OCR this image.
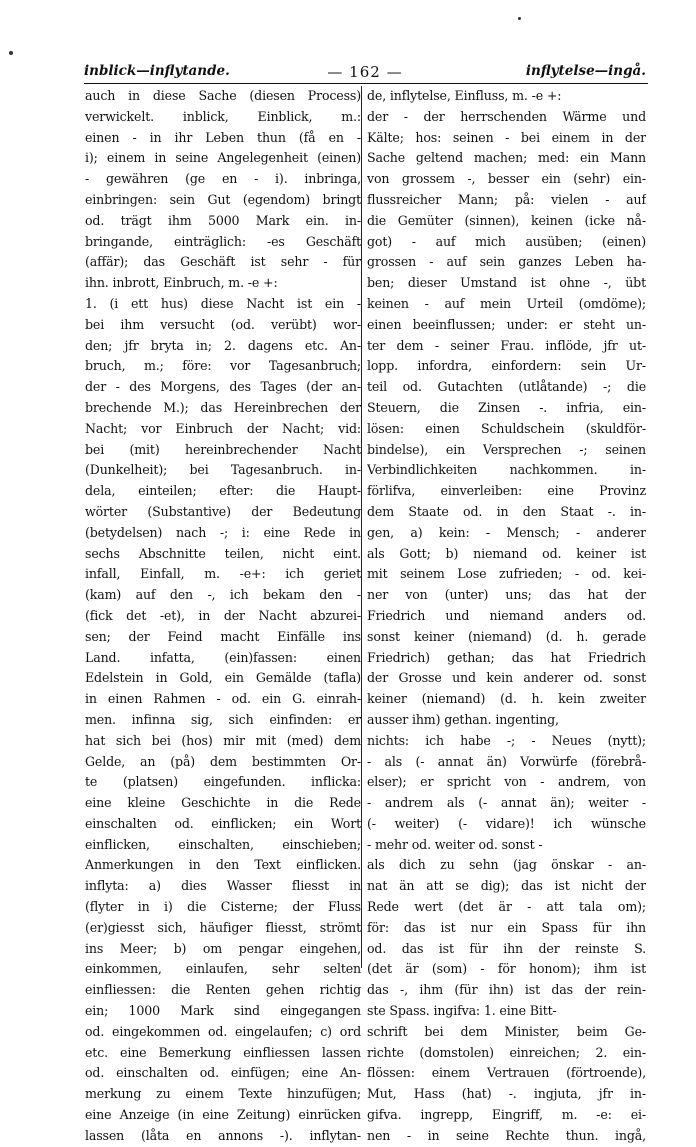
inblick—inflytande.	— 162 —	inflytelse—ingå.
auch in diese Sache (diesen Process)
verwickelt. inblick, Einblick, m.:
einen - in ihr Leben thun (få en -
i); einem in seine Angelegenheit (einen)
- gewähren (ge en - i). inbringa,
einbringen: sein Gut (egendom) bringt
od. trägt ihm 5000 Mark ein. in-
bringande, einträglich: -es Geschäft
(affär); das Geschäft ist sehr - für
ihn. inbrott, Einbruch, m. -e +:
1. (i ett hus) diese Nacht ist ein -
bei ihm versucht (od. verübt) wor-
den; jfr bryta in; 2. dagens etc. An-
bruch, m.; före: vor Tagesanbruch;
der - des Morgens, des Tages (der an-
brechende M.); das Hereinbrechen der
Nacht; vor Einbruch der Nacht; vid:
bei (mit) hereinbrechender Nacht
(Dunkelheit); bei Tagesanbruch. in-
dela, einteilen; efter: die Haupt-
wörter (Substantive) der Bedeutung
(betydelsen) nach -; i: eine Rede in
sechs Abschnitte teilen, nicht eint.
infall, Einfall, m. -e+: ich geriet
(kam) auf den -, ich bekam den -
(fick det -et), in der Nacht abzurei-
sen; der Feind macht Einfälle ins
Land. infatta, (ein)fassen: einen
Edelstein in Gold, ein Gemälde (tafla)
in einen Rahmen - od. ein G. einrah-
men. infinna sig, sich einfinden: er
hat sich bei (hos) mir mit (med) dem
Gelde, an (på) dem bestimmten Or-
te (platsen) eingefunden. inflicka:
eine kleine Geschichte in die Rede
einschalten od. einflicken; ein Wort
einflicken, einschalten, einschieben;
Anmerkungen in den Text einflicken.
inflyta: a) dies Wasser fliesst in
(flyter in i) die Cisterne; der Fluss
(er)giesst sich, häufiger fliesst, strömt
ins Meer; b) om pengar eingehen,
einkommen, einlaufen, sehr selten
einfliessen: die Renten gehen richtig
ein; 1000 Mark sind eingegangen
od. eingekommen od. eingelaufen; c) ord
etc. eine Bemerkung einfliessen lassen
od. einschalten od. einfügen; eine An-
merkung zu einem Texte hinzufügen;
eine Anzeige (in eine Zeitung) einrücken
lassen (låta en annons -). inflytan-
de, inflytelse, Einfluss, m. -e +:
der - der herrschenden Wärme und
Kälte; hos: seinen - bei einem in der
Sache geltend machen; med: ein Mann
von grossem -, besser ein (sehr) ein-
flussreicher Mann; på: vielen - auf
die Gemüter (sinnen), keinen (icke nå-
got) - auf mich ausüben; (einen)
grossen - auf sein ganzes Leben ha-
ben; dieser Umstand ist ohne -, übt
keinen - auf mein Urteil (omdöme);
einen beeinflussen; under: er steht un-
ter dem - seiner Frau. inflöde, jfr ut-
lopp. infordra, einfordern: sein Ur-
teil od. Gutachten (utlåtande) -; die
Steuern, die Zinsen -. infria, ein-
lösen: einen Schuldschein (skuldför-
bindelse), ein Versprechen -; seinen
Verbindlichkeiten nachkommen. in-
förlifva, einverleiben: eine Provinz
dem Staate od. in den Staat -. in-
gen, a) kein: - Mensch; - anderer
als Gott; b) niemand od. keiner ist
mit seinem Lose zufrieden; - od. kei-
ner von (unter) uns; das hat der
Friedrich und niemand anders od.
sonst keiner (niemand) (d. h. gerade
Friedrich) gethan; das hat Friedrich
der Grosse und kein anderer od. sonst
keiner (niemand) (d. h. kein zweiter
ausser ihm) gethan. ingenting,
nichts: ich habe -; - Neues (nytt);
- als (- annat än) Vorwürfe (förebrå-
elser); er spricht von - andrem, von
- andrem als (- annat än); weiter -
(- weiter) (- vidare)! ich wünsche
- mehr od. weiter od. sonst -
als dich zu sehn (jag önskar - an-
nat än att se dig); das ist nicht der
Rede wert (det är - att tala om);
för: das ist nur ein Spass für ihn
od. das ist für ihn der reinste S.
(det är (som) - för honom); ihm ist
das -, ihm (für ihn) ist das der rein-
ste Spass. ingifva: 1. eine Bitt-
schrift bei dem Minister, beim Ge-
richte (domstolen) einreichen; 2. ein-
flössen: einem Vertrauen (förtroende),
Mut, Hass (hat) -. ingjuta, jfr in-
gifva. ingrepp, Eingriff, m. -e: ei-
nen - in seine Rechte thun. ingå,
